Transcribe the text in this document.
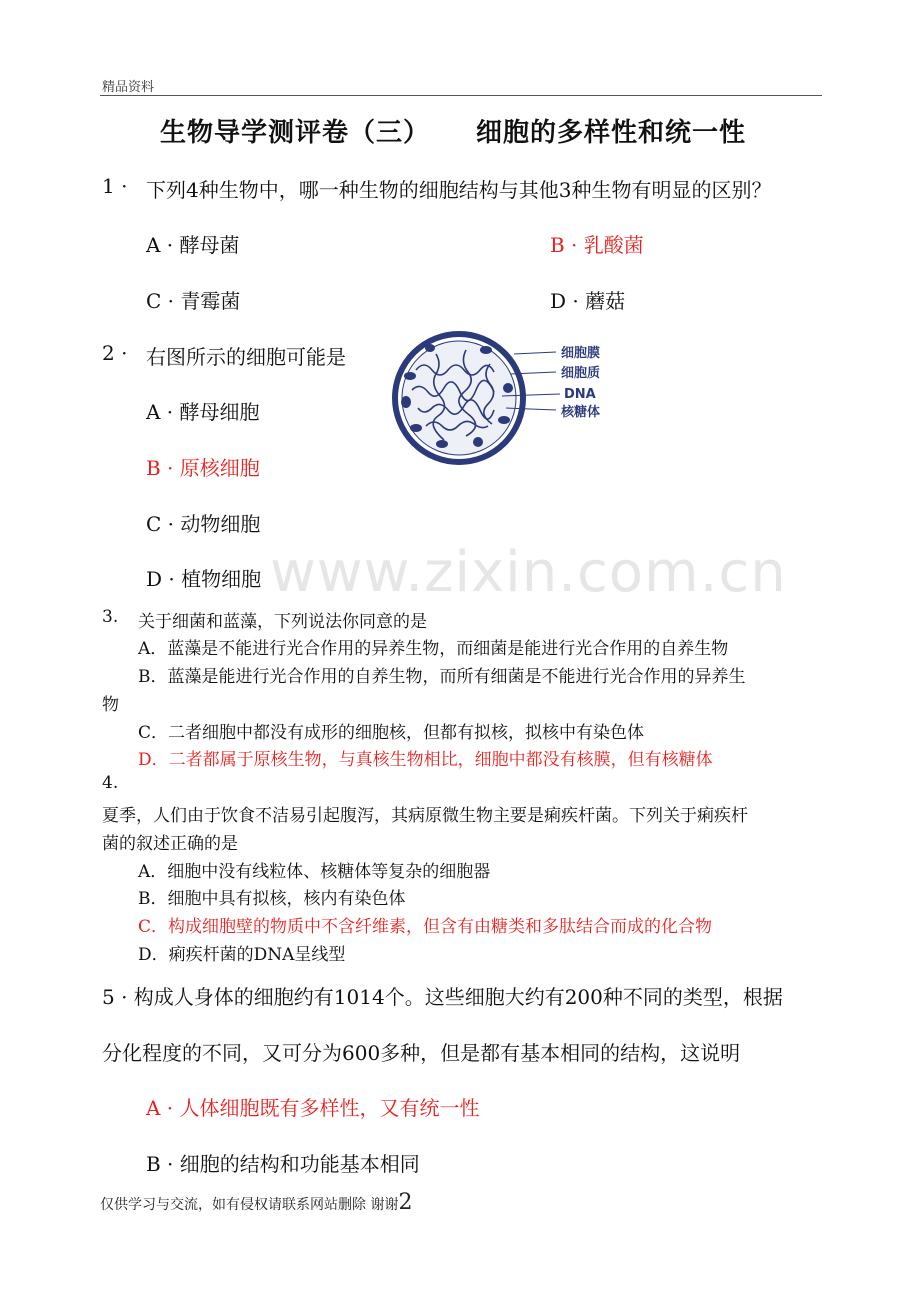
精品资料
生物导学测评卷（三） 细胞的多样性和统一性
www.zixin.com.cn
1 · 下列4种生物中，哪一种生物的细胞结构与其他3种生物有明显的区别？
A · 酵母菌	B · 乳酸菌
C · 青霉菌	D · 蘑菇
2 · 右图所示的细胞可能是
A · 酵母细胞
B · 原核细胞
C · 动物细胞
D · 植物细胞
细胞膜
细胞质
DNA
核糖体
3. 关于细菌和蓝藻，下列说法你同意的是
A．蓝藻是不能进行光合作用的异养生物，而细菌是能进行光合作用的自养生物
B．蓝藻是能进行光合作用的自养生物，而所有细菌是不能进行光合作用的异养生
物
C．二者细胞中都没有成形的细胞核，但都有拟核，拟核中有染色体
D．二者都属于原核生物，与真核生物相比，细胞中都没有核膜，但有核糖体
4.
夏季，人们由于饮食不洁易引起腹泻，其病原微生物主要是痢疾杆菌。下列关于痢疾杆
菌的叙述正确的是
A．细胞中没有线粒体、核糖体等复杂的细胞器
B．细胞中具有拟核，核内有染色体
C．构成细胞壁的物质中不含纤维素，但含有由糖类和多肽结合而成的化合物
D．痢疾杆菌的DNA呈线型
5 · 构成人身体的细胞约有1014个。这些细胞大约有200种不同的类型，根据
分化程度的不同，又可分为600多种，但是都有基本相同的结构，这说明
A · 人体细胞既有多样性，又有统一性
B · 细胞的结构和功能基本相同
仅供学习与交流，如有侵权请联系网站删除 谢谢2
